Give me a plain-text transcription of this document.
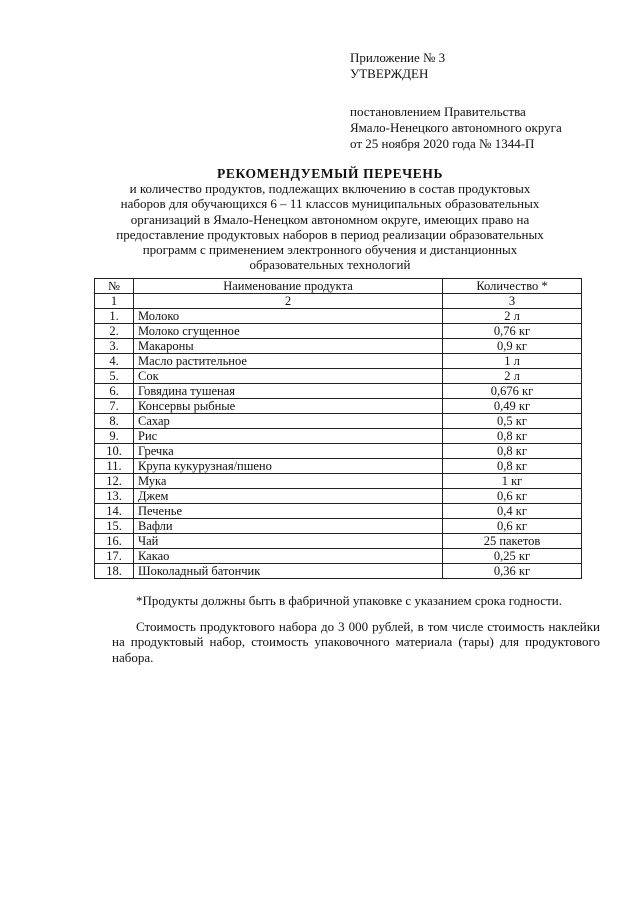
Приложение № 3
УТВЕРЖДЕН
постановлением Правительства
Ямало-Ненецкого автономного округа
от 25 ноября 2020 года № 1344-П
РЕКОМЕНДУЕМЫЙ ПЕРЕЧЕНЬ
и количество продуктов, подлежащих включению в состав продуктовых
наборов для обучающихся 6 – 11 классов муниципальных образовательных
организаций в Ямало-Ненецком автономном округе, имеющих право на
предоставление продуктовых наборов в период реализации образовательных
программ с применением электронного обучения и дистанционных
образовательных технологий
№	Наименование продукта	Количество *
1	2	3
1.	Молоко	2 л
2.	Молоко сгущенное	0,76 кг
3.	Макароны	0,9 кг
4.	Масло растительное	1 л
5.	Сок	2 л
6.	Говядина тушеная	0,676 кг
7.	Консервы рыбные	0,49 кг
8.	Сахар	0,5 кг
9.	Рис	0,8 кг
10.	Гречка	0,8 кг
11.	Крупа кукурузная/пшено	0,8 кг
12.	Мука	1 кг
13.	Джем	0,6 кг
14.	Печенье	0,4 кг
15.	Вафли	0,6 кг
16.	Чай	25 пакетов
17.	Какао	0,25 кг
18.	Шоколадный батончик	0,36 кг

*Продукты должны быть в фабричной упаковке с указанием срока годности.

Стоимость продуктового набора до 3 000 рублей, в том числе стоимость наклейки на продуктовый набор, стоимость упаковочного материала (тары) для продуктового набора.
